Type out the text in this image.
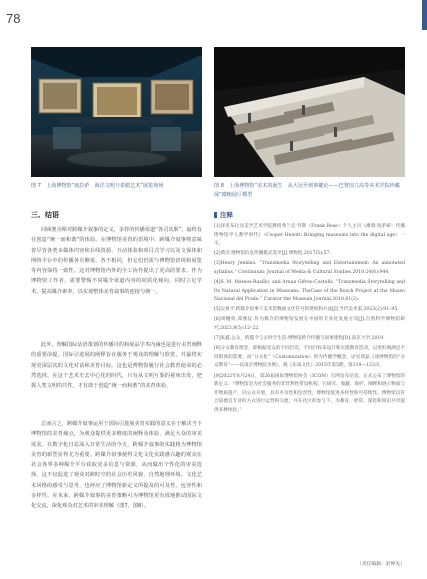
78
图 7　上海博物馆“琉拉萨　海洋文明与希腊艺术”展览现场	图 8　上海博物馆“美术的诞生　从大冠至到事键论——巴黎国立高等美术学院珍藏展”微缩展厅模型
三、结语

回顾奥舍斯对跨媒介叙事的定义，多样的传播渠道“各司其职”，最终旨在创造“统一而和谐”的体验。在博物馆美育的语境中，跨媒介叙事则意味着尽管各类多媒体内容和在线资源、互动体验和项目式学习以及文保体和网络平台中的传播各有侧重、各不相同，但它们仍需与博物馆语境和展览等内容保持一致性。这对博物馆内外的全工协作提出了更高的要求。作为博物馆工作者，需要警惕不同媒介渠道内容的同质化倾向，同时立足学术，提高媒介素养，以实现整体美育叙事的连接与统一。

此外，理解国际话语策划的传播目的和展品学术内涵也是进行美育阐释的重要前提。国际引进展的阐释旨在服务于观众的理解与欣赏，并最终实现更深层次的文化对话和美育目标。这也是博物馆履行社会教育使命的必然选择。在这个艺术史去中心化的时代，只有从文明互鉴的视角出发，把握人类文明的共性，才有助于创造“统一而和谐”的美育体验。

总而言之，跨媒介叙事运用于国际引进展美育实践的意义在于解决当下博物馆的美育痛点，为观众提供更多维度的阐释及体验，满足大众的审美需求。在数字化日益深入日常生活的今天，跨媒介叙事的实践将为博物馆美育的新型显得尤为重要。跨媒介叙事使得文化文化实践感兴趣的观众在社会各界多种媒介平台获取更多信息与资源，从而做出个性化的审美选择。这不仅促进了观众对跨时空的社会历史风貌、自然地理环境、文化艺术风格的感受与思考，也呼应了博物馆新定义所提及的可及性、包容性和多样性。在未来，跨媒介叙事的美育策略可为博物馆更有效地推动国际文化交流，深化观众对艺术的审美理解（图7、图8）。

注释

[1]译见布拉达美学艺术学院教授弗兰克·罗斯（Frank Rose）个人主页《滩瑞·抚驴研：传播博物馆学人教学时代》（Cooper Hewitt: Bringing museums into the digital age）一文。

[2]黄洋.博物馆信息传播模式选评[J].博物馆,2017(5):57.

[3]Henry Jenkins. “Transmedia Storytelling and Entertainment: An annotated syllabus.” Continuum: Journal of Media & Cultural Studies,2010,24(6):944.

[4]S. M. Mateos-Rusillo, and Arnau Gifreu-Castells. “Transmedia Storytelling and Its Natural Application in Museums. TheCase of the Bosch Project at the Museo Nacional del Prado.” Curator the Museum Journal,2018,61(2).

[5]吴祖平.跨媒介叙事下美术馆数通文化符号的建构和方法[J].当代美术家,2023(2):91–95.

[6]周穗勇,郑燕仪.作为媒介的博物馆发展在中国的专业化发展方向[J].自然科学博物馆研究,2023,8(5):12–22.

[7]张鑫.公众，跨越今与古时空生活:博物馆跨介传播与叙事建构[D].南京大学,2019.

[8]分众教育理念，即根据受众的不同层次，不同目标来设计和实施教育活动，以更好地满足不同群体的需要。而“分众化”（Customization）原为传播学概念。详见郑晶《谈博物馆的“分众教育”——以南京博物院为例》，载《东南文化》2015年第5期，第119—123页。

[9]2022年8月24日，第26届国际博物馆协会（ICOM）官网发布信息，正式公布了博物馆的新定义：“博物馆是为社会服务的非营利性常设机构，它研究、收藏、保护、阐释和展示物质与非物质遗产，向公众开放，具有可及性和包容性，博物馆促进多样性和可持续性。博物馆以符合道德且专业的方式进行运营和交流，并在社区的参与下，为教育、欣赏、深思和知识共享提供多种体验。”

（责任编辑：赵婷先）
